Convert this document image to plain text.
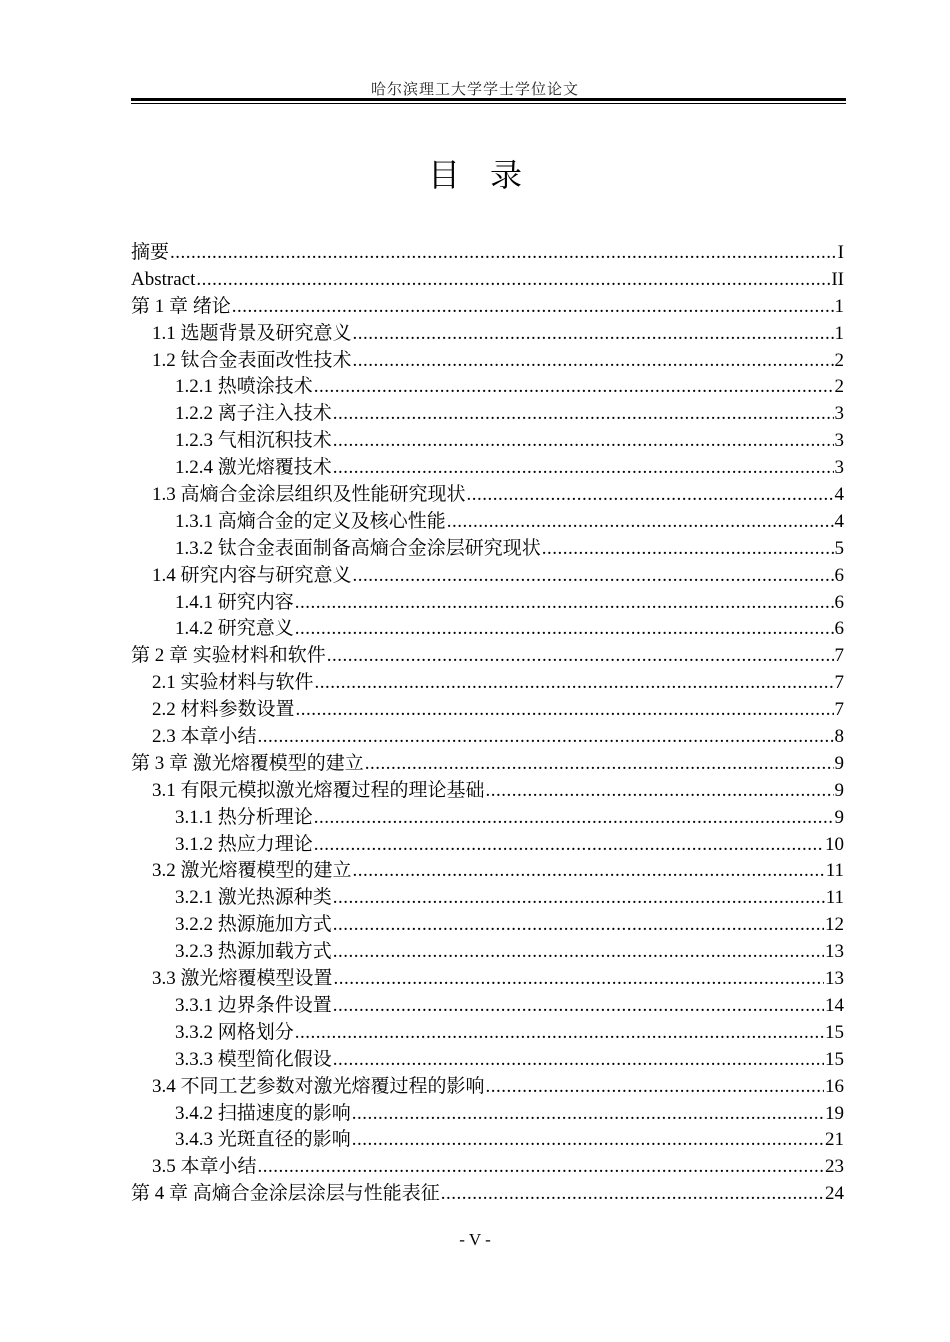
哈尔滨理工大学学士学位论文
目录
摘要 .....	I
Abstract .....	II
第 1 章 绪论 .....	1
1.1 选题背景及研究意义 .....	1
1.2 钛合金表面改性技术 .....	2
1.2.1 热喷涂技术 .....	2
1.2.2 离子注入技术 .....	3
1.2.3 气相沉积技术 .....	3
1.2.4 激光熔覆技术 .....	3
1.3 高熵合金涂层组织及性能研究现状 .....	4
1.3.1 高熵合金的定义及核心性能 .....	4
1.3.2 钛合金表面制备高熵合金涂层研究现状 .....	5
1.4 研究内容与研究意义 .....	6
1.4.1 研究内容 .....	6
1.4.2 研究意义 .....	6
第 2 章 实验材料和软件 .....	7
2.1 实验材料与软件 .....	7
2.2 材料参数设置 .....	7
2.3 本章小结 .....	8
第 3 章 激光熔覆模型的建立 .....	9
3.1 有限元模拟激光熔覆过程的理论基础 .....	9
3.1.1 热分析理论 .....	9
3.1.2 热应力理论 .....	10
3.2 激光熔覆模型的建立 .....	11
3.2.1 激光热源种类 .....	11
3.2.2 热源施加方式 .....	12
3.2.3 热源加载方式 .....	13
3.3 激光熔覆模型设置 .....	13
3.3.1 边界条件设置 .....	14
3.3.2 网格划分 .....	15
3.3.3 模型简化假设 .....	15
3.4 不同工艺参数对激光熔覆过程的影响 .....	16
3.4.2 扫描速度的影响 .....	19
3.4.3 光斑直径的影响 .....	21
3.5 本章小结 .....	23
第 4 章 高熵合金涂层涂层与性能表征 .....	24
- V -
